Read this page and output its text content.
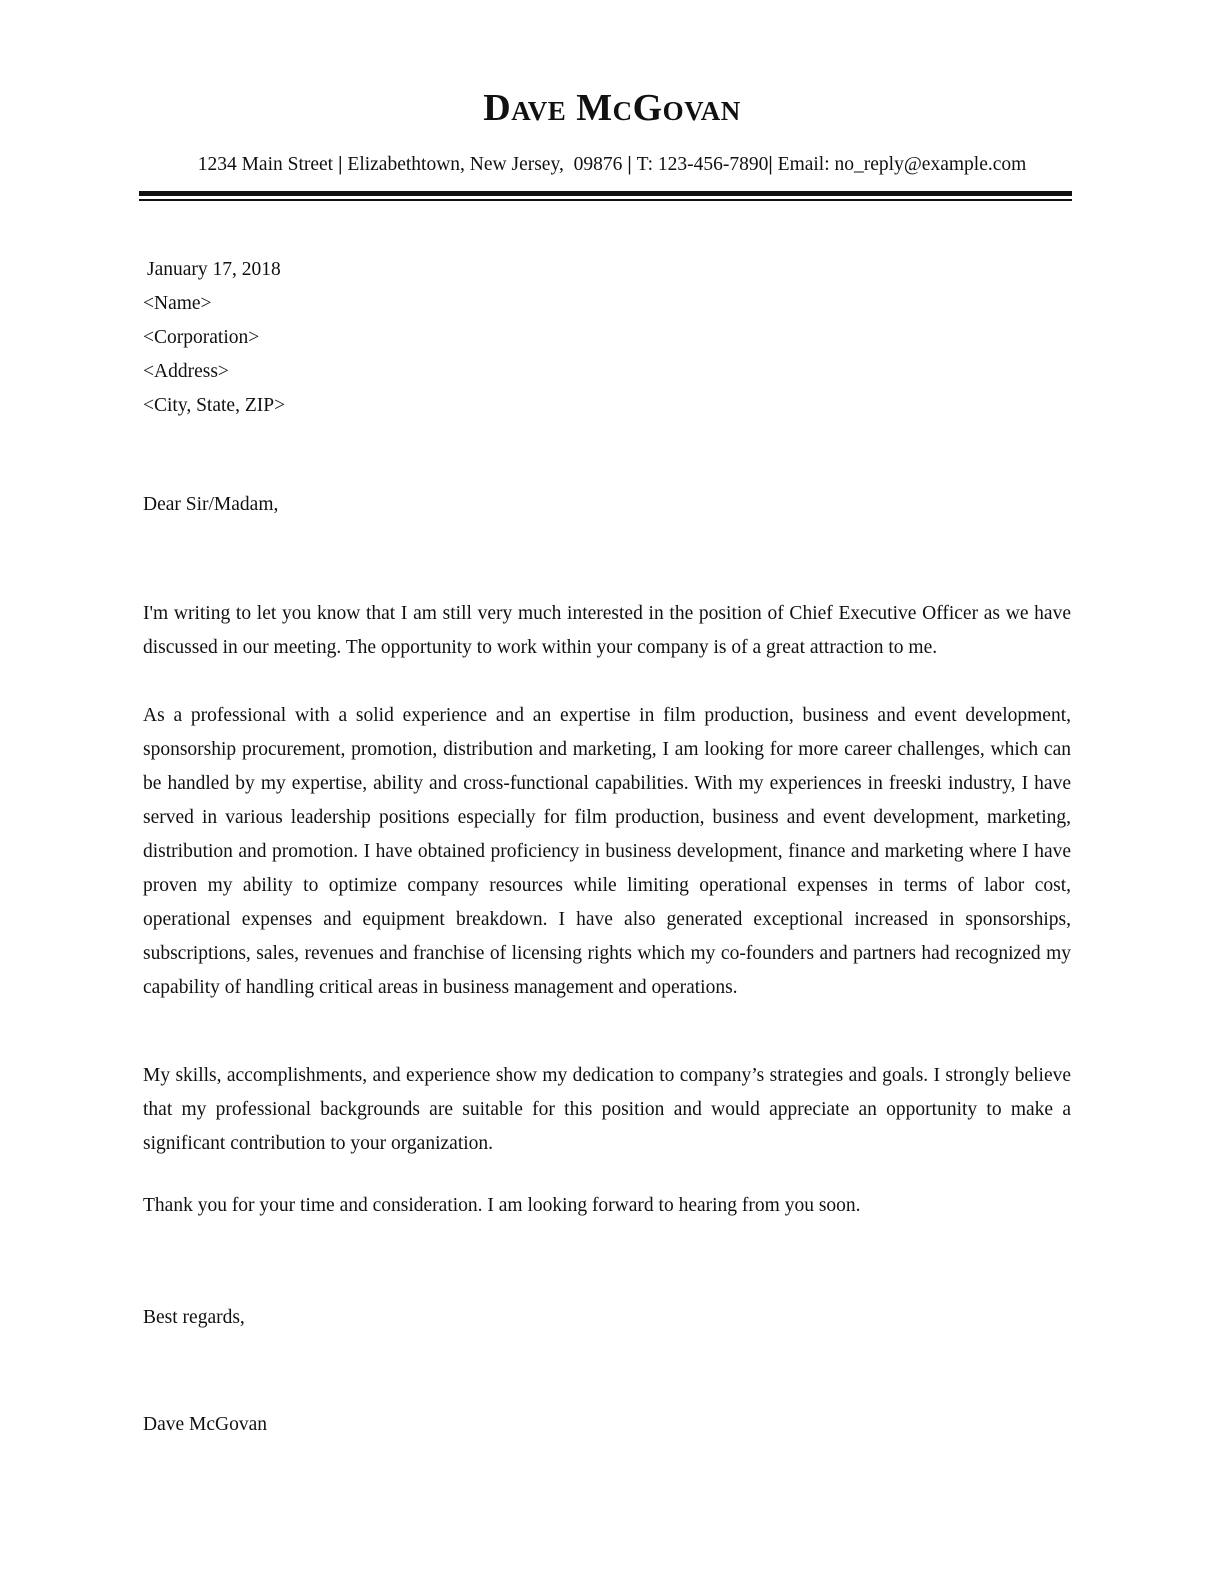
Dave McGovan
1234 Main Street | Elizabethtown, New Jersey,  09876 | T: 123-456-7890| Email: no_reply@example.com
January 17, 2018
<Name>
<Corporation>
<Address>
<City, State, ZIP>
Dear Sir/Madam,

I'm writing to let you know that I am still very much interested in the position of Chief Executive Officer as we have discussed in our meeting. The opportunity to work within your company is of a great attraction to me.

As a professional with a solid experience and an expertise in film production, business and event development, sponsorship procurement, promotion, distribution and marketing, I am looking for more career challenges, which can be handled by my expertise, ability and cross-functional capabilities. With my experiences in freeski industry, I have served in various leadership positions especially for film production, business and event development, marketing, distribution and promotion. I have obtained proficiency in business development, finance and marketing where I have proven my ability to optimize company resources while limiting operational expenses in terms of labor cost, operational expenses and equipment breakdown. I have also generated exceptional increased in sponsorships, subscriptions, sales, revenues and franchise of licensing rights which my co-founders and partners had recognized my capability of handling critical areas in business management and operations.

My skills, accomplishments, and experience show my dedication to company’s strategies and goals. I strongly believe that my professional backgrounds are suitable for this position and would appreciate an opportunity to make a significant contribution to your organization.

Thank you for your time and consideration. I am looking forward to hearing from you soon.

Best regards,
Dave McGovan
